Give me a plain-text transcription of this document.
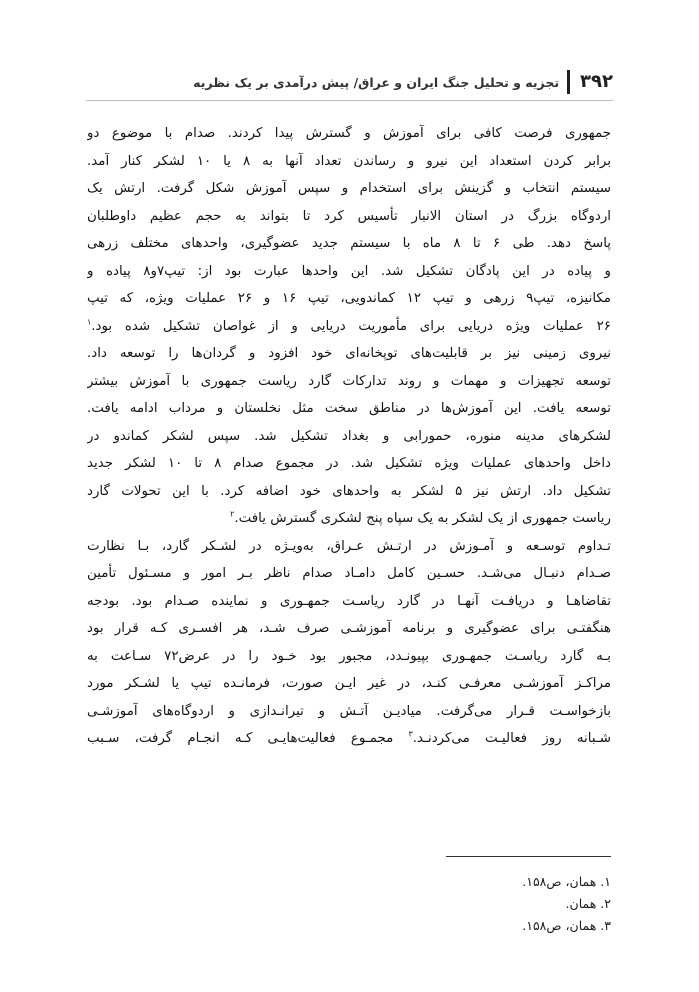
۳۹۲
تجزیه و تحلیل جنگ ایران و عراق/ پیش درآمدی بر یک نظریه
جمهوری فرصت کافی برای آموزش و گسترش پیدا کردند. صدام با موضوع دو
برابر کردن استعداد این نیرو و رساندن تعداد آنها به ۸ یا ۱۰ لشکر کنار آمد.
سیستم انتخاب و گزینش برای استخدام و سپس آموزش شکل گرفت. ارتش یک
اردوگاه بزرگ در استان الانبار تأسیس کرد تا بتواند به حجم عظیم داوطلبان
پاسخ دهد. طی ۶ تا ۸ ماه با سیستم جدید عضوگیری، واحدهای مختلف زرهی
و پیاده در این پادگان تشکیل شد. این واحدها عبارت بود از: تیپ۷و۸ پیاده و
مکانیزه، تیپ۹ زرهی و تیپ ۱۲ کماندویی، تیپ ۱۶ و ۲۶ عملیات ویژه، که تیپ
۲۶ عملیات ویژه دریایی برای مأموریت دریایی و از غواصان تشکیل شده بود.$^۱$
نیروی زمینی نیز بر قابلیت‌های توپخانه‌ای خود افزود و گردان‌ها را توسعه داد.
توسعه تجهیزات و مهمات و روند تدارکات گارد ریاست جمهوری با آموزش بیشتر
توسعه یافت. این آموزش‌ها در مناطق سخت مثل نخلستان و مرداب ادامه یافت.
لشکرهای مدینه منوره، حمورابی و بغداد تشکیل شد. سپس لشکر کماندو در
داخل واحدهای عملیات ویژه تشکیل شد. در مجموع صدام ۸ تا ۱۰ لشکر جدید
تشکیل داد. ارتش نیز ۵ لشکر به واحدهای خود اضافه کرد. با این تحولات گارد
ریاست جمهوری از یک لشکر به یک سپاه پنج لشکری گسترش یافت.$^۲$
تـداوم توسـعه و آمـوزش در ارتـش عـراق، به‌ویـژه در لشـکر گارد، بـا نظارت
صـدام دنبـال می‌شـد. حسـین کامل دامـاد صدام ناظر بـر امور و مسـئول تأمین
تقاضاهـا و دریافـت آنهـا در گارد ریاسـت جمهـوری و نماینده صـدام بود. بودجه
هنگفتـی برای عضوگیری و برنامه آموزشـی صرف شـد، هر افسـری کـه قرار بود
بـه گارد ریاسـت جمهـوری بپیونـدد، مجبور بود خـود را در عرض۷۲ سـاعت به
مراکـز آموزشـی معرفـی کنـد، در غیر ایـن صورت، فرمانـده تیپ یا لشـکر مورد
بازخواسـت قـرار می‌گرفت. میادیـن آتـش و تیرانـدازی و اردوگاه‌های آموزشـی
شـبانه روز فعالیـت می‌کردنـد.$^۳$ مجمـوع فعالیت‌هایـی کـه انجـام گرفت، سـبب
۱. همان، ص۱۵۸.
۲. همان.
۳. همان، ص۱۵۸.
